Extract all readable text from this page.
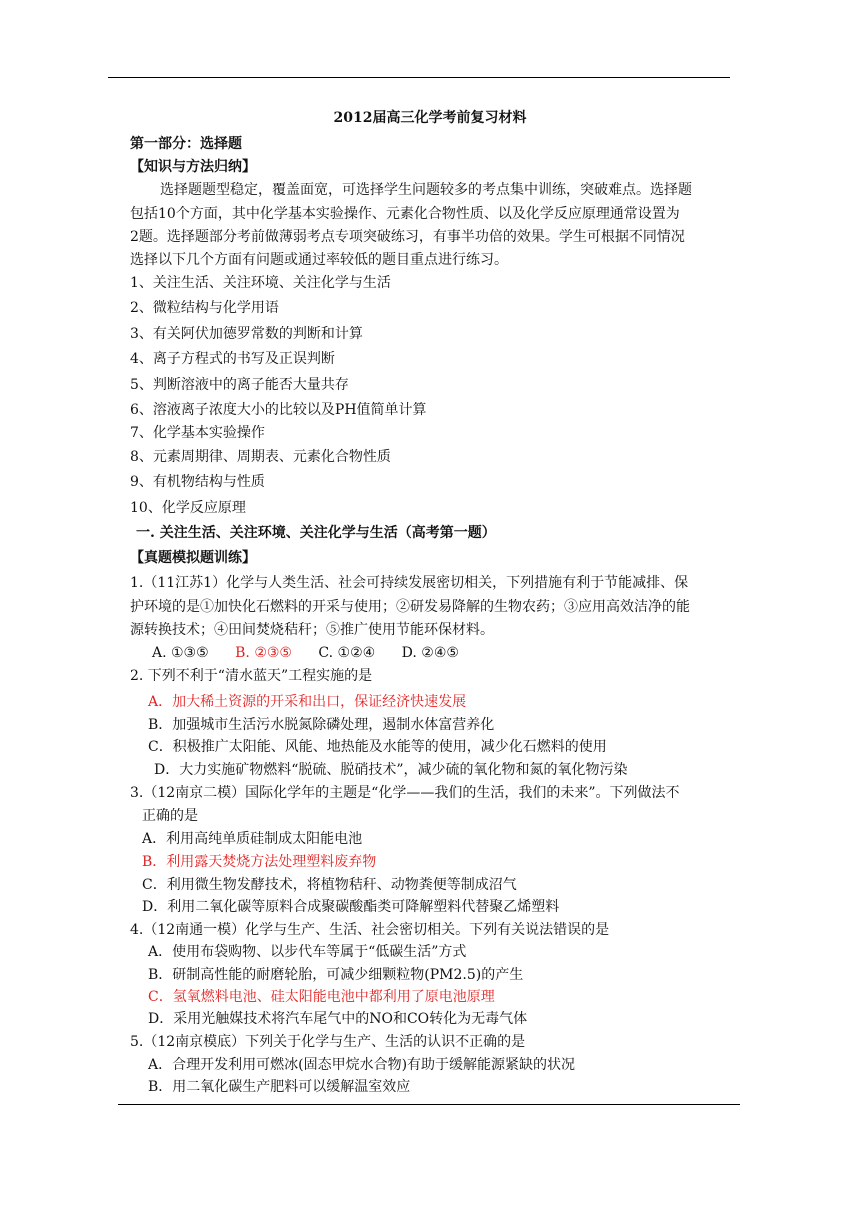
2012届高三化学考前复习材料
第一部分：选择题
【知识与方法归纳】
选择题题型稳定，覆盖面宽，可选择学生问题较多的考点集中训练，突破难点。选择题
包括10个方面，其中化学基本实验操作、元素化合物性质、以及化学反应原理通常设置为
2题。选择题部分考前做薄弱考点专项突破练习，有事半功倍的效果。学生可根据不同情况
选择以下几个方面有问题或通过率较低的题目重点进行练习。
1、关注生活、关注环境、关注化学与生活
2、微粒结构与化学用语
3、有关阿伏加德罗常数的判断和计算
4、离子方程式的书写及正误判断
5、判断溶液中的离子能否大量共存
6、溶液离子浓度大小的比较以及PH值简单计算
7、化学基本实验操作
8、元素周期律、周期表、元素化合物性质
9、有机物结构与性质
10、化学反应原理
一. 关注生活、关注环境、关注化学与生活（高考第一题）
【真题模拟题训练】
1.（11江苏1）化学与人类生活、社会可持续发展密切相关，下列措施有利于节能减排、保
护环境的是①加快化石燃料的开采与使用；②研发易降解的生物农药；③应用高效洁净的能
源转换技术；④田间焚烧秸秆；⑤推广使用节能环保材料。
A. ①③⑤ B. ②③⑤ C. ①②④ D. ②④⑤
2. 下列不利于“清水蓝天”工程实施的是
A．加大稀土资源的开采和出口，保证经济快速发展
B．加强城市生活污水脱氮除磷处理，遏制水体富营养化
C．积极推广太阳能、风能、地热能及水能等的使用，减少化石燃料的使用
D．大力实施矿物燃料“脱硫、脱硝技术”，减少硫的氧化物和氮的氧化物污染
3.（12南京二模）国际化学年的主题是“化学——我们的生活，我们的未来”。下列做法不
正确的是
A．利用高纯单质硅制成太阳能电池
B．利用露天焚烧方法处理塑料废弃物
C．利用微生物发酵技术，将植物秸秆、动物粪便等制成沼气
D．利用二氧化碳等原料合成聚碳酸酯类可降解塑料代替聚乙烯塑料
4.（12南通一模）化学与生产、生活、社会密切相关。下列有关说法错误的是
A．使用布袋购物、以步代车等属于“低碳生活”方式
B．研制高性能的耐磨轮胎，可减少细颗粒物(PM2.5)的产生
C．氢氧燃料电池、硅太阳能电池中都利用了原电池原理
D．采用光触媒技术将汽车尾气中的NO和CO转化为无毒气体
5.（12南京模底）下列关于化学与生产、生活的认识不正确的是
A．合理开发利用可燃冰(固态甲烷水合物)有助于缓解能源紧缺的状况
B．用二氧化碳生产肥料可以缓解温室效应
